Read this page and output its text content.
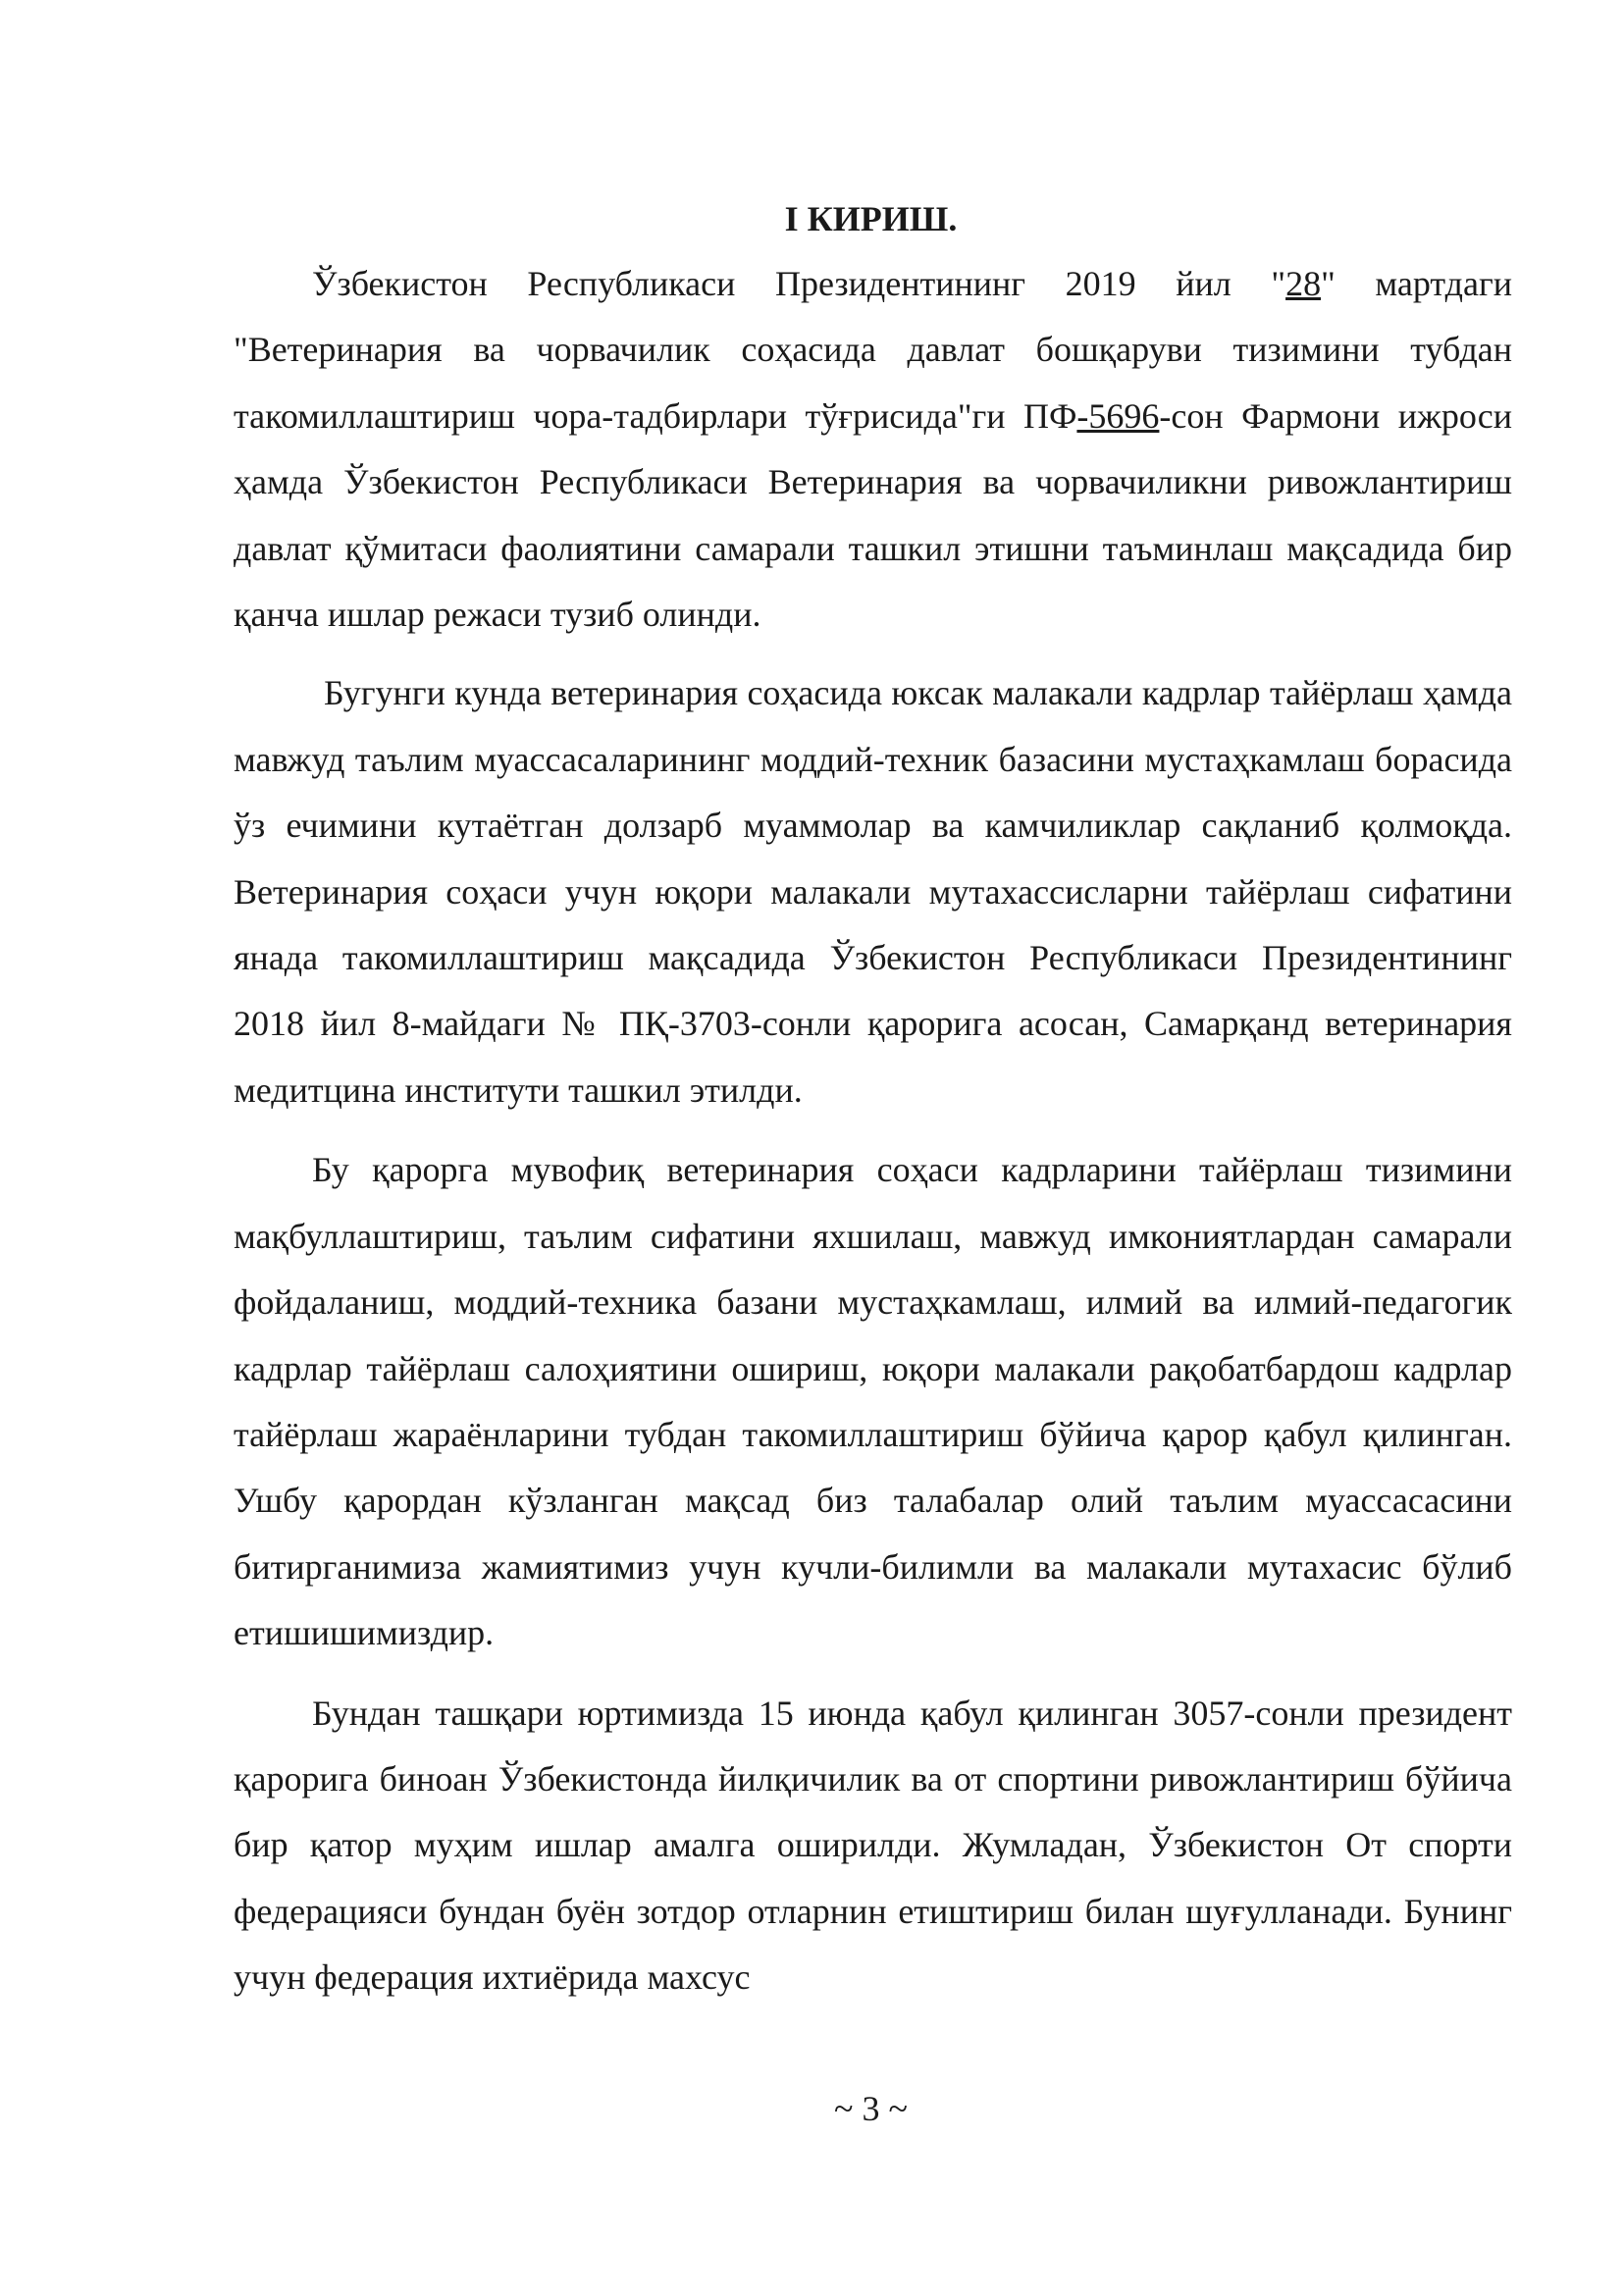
I КИРИШ.

Ўзбекистон Республикаси Президентининг 2019 йил "28" мартдаги "Ветеринария ва чорвачилик соҳасида давлат бошқаруви тизимини тубдан такомиллаштириш чора-тадбирлари тўғрисида"ги ПФ-5696-сон Фармони ижроси ҳамда Ўзбекистон Республикаси Ветеринария ва чорвачиликни ривожлантириш давлат қўмитаси фаолиятини самарали ташкил этишни таъминлаш мақсадида бир қанча ишлар режаси тузиб олинди.

Бугунги кунда ветеринария соҳасида юксак малакали кадрлар тайёрлаш ҳамда мавжуд таълим муассасаларининг моддий-техник базасини мустаҳкамлаш борасида ўз ечимини кутаётган долзарб муаммолар ва камчиликлар сақланиб қолмоқда. Ветеринария соҳаси учун юқори малакали мутахассисларни тайёрлаш сифатини янада такомиллаштириш мақсадида Ўзбекистон Республикаси Президентининг 2018 йил 8-майдаги № ПҚ-3703-сонли қарорига асосан, Самарқанд ветеринария медитцина институти ташкил этилди.

Бу қарорга мувофиқ ветеринария соҳаси кадрларини тайёрлаш тизимини мақбуллаштириш, таълим сифатини яхшилаш, мавжуд имкониятлардан самарали фойдаланиш, моддий-техника базани мустаҳкамлаш, илмий ва илмий-педагогик кадрлар тайёрлаш салоҳиятини ошириш, юқори малакали рақобатбардош кадрлар тайёрлаш жараёнларини тубдан такомиллаштириш бўйича қарор қабул қилинган. Ушбу қарордан кўзланган мақсад биз талабалар олий таълим муассасасини битирганимиза жамиятимиз учун кучли-билимли ва малакали мутахасис бўлиб етишишимиздир.

Бундан ташқари юртимизда 15 июнда қабул қилинган 3057-сонли президент қарорига биноан Ўзбекистонда йилқичилик ва от спортини ривожлантириш бўйича бир қатор муҳим ишлар амалга оширилди. Жумладан, Ўзбекистон От спорти федерацияси бундан буён зотдор отларнин етиштириш билан шуғулланади. Бунинг учун федерация ихтиёрида махсус

~ 3 ~
